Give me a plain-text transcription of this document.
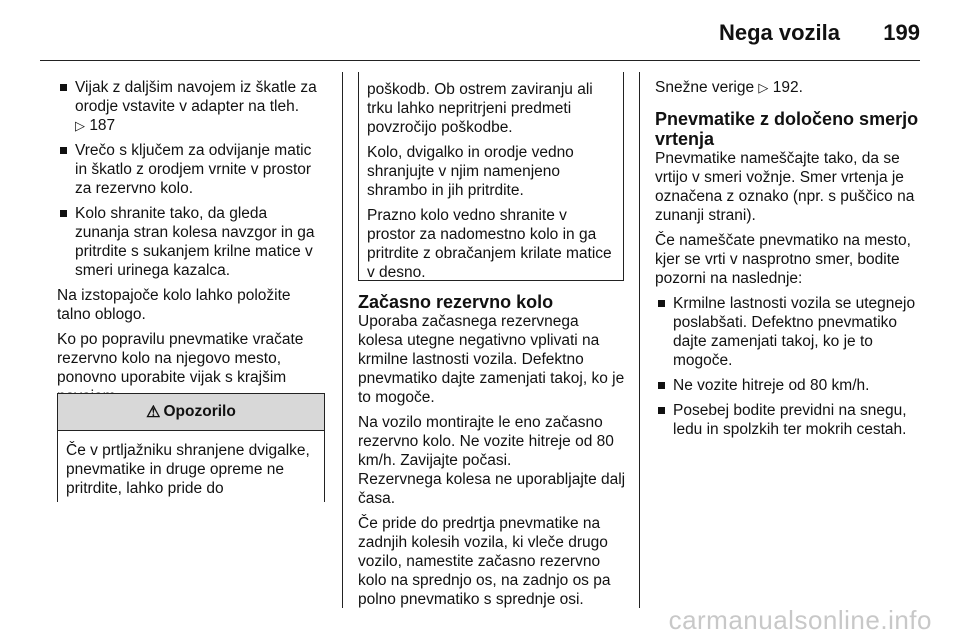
Nega vozila 199
Vijak z daljšim navojem iz škatle za orodje vstavite v adapter na tleh.
▷ 187
Vrečo s ključem za odvijanje matic in škatlo z orodjem vrnite v prostor za rezervno kolo.
Kolo shranite tako, da gleda zunanja stran kolesa navzgor in ga pritrdite s sukanjem krilne matice v smeri urinega kazalca.

Na izstopajoče kolo lahko položite talno oblogo.

Ko po popravilu pnevmatike vračate rezervno kolo na njegovo mesto, ponovno uporabite vijak s krajšim

⚠ Opozorilo
Če v prtljažniku shranjene dvigalke, pnevmatike in druge opreme ne pritrdite, lahko pride do

poškodb. Ob ostrem zaviranju ali trku lahko nepritrjeni predmeti povzročijo poškodbe.

Kolo, dvigalko in orodje vedno shranjujte v njim namenjeno shrambo in jih pritrdite.

Prazno kolo vedno shranite v prostor za nadomestno kolo in ga pritrdite z obračanjem krilate matice v desno.

Začasno rezervno kolo

Uporaba začasnega rezervnega kolesa utegne negativno vplivati na krmilne lastnosti vozila. Defektno pnevmatiko dajte zamenjati takoj, ko je to mogoče.

Na vozilo montirajte le eno začasno rezervno kolo. Ne vozite hitreje od 80 km/h. Zavijajte počasi.

Rezervnega kolesa ne uporabljajte dalj časa.

Če pride do predrtja pnevmatike na zadnjih kolesih vozila, ki vleče drugo vozilo, namestite začasno rezervno kolo na sprednjo os, na zadnjo os pa polno pnevmatiko s sprednje osi.

Snežne verige ▷ 192.

Pnevmatike z določeno smerjo vrtenja

Pnevmatike nameščajte tako, da se vrtijo v smeri vožnje. Smer vrtenja je označena z oznako (npr. s puščico na zunanji strani).

Če nameščate pnevmatiko na mesto, kjer se vrti v nasprotno smer, bodite pozorni na naslednje:

Krmilne lastnosti vozila se utegnejo poslabšati. Defektno pnevmatiko dajte zamenjati takoj, ko je to mogoče.
Ne vozite hitreje od 80 km/h.
Posebej bodite previdni na snegu, ledu in spolzkih ter mokrih cestah.
carmanualsonline.info
